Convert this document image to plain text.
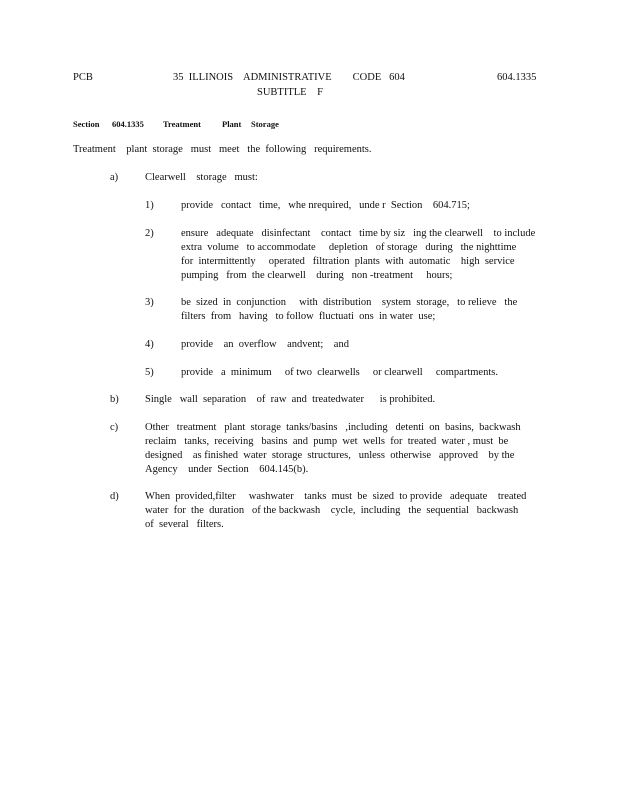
PCB	35  ILLINOIS    ADMINISTRATIVE        CODE   604
SUBTITLE    F
604.1335
Section 604.1335 Treatment Plant Storage
Treatment    plant  storage   must   meet   the  following   requirements.
a)	Clearwell    storage   must:
1)	provide   contact   time,   whe nrequired,   unde r  Section    604.715;

2)	ensure   adequate   disinfectant    contact   time by siz   ing the clearwell    to include

extra  volume   to accommodate     depletion   of storage   during   the nighttime

for  intermittently     operated   filtration  plants  with  automatic    high  service

pumping   from  the clearwell    during   non -treatment     hours;

3)	be  sized  in  conjunction     with  distribution    system  storage,   to relieve   the

filters  from   having   to follow  fluctuati  ons  in water  use;

4)	provide    an  overflow    andvent;    and

5)	provide   a  minimum     of two  clearwells     or clearwell     compartments.

b)	Single   wall  separation    of  raw  and  treatedwater      is prohibited.

c)	Other   treatment   plant  storage  tanks/basins   ,including   detenti  on  basins,  backwash

reclaim   tanks,  receiving   basins  and  pump  wet  wells  for  treated  water , must  be

designed    as finished  water  storage  structures,   unless  otherwise   approved    by the

Agency    under  Section    604.145(b).

d)	When  provided,filter     washwater    tanks  must  be  sized  to provide   adequate    treated

water  for  the  duration   of the backwash    cycle,  including   the  sequential   backwash

of  several   filters.
